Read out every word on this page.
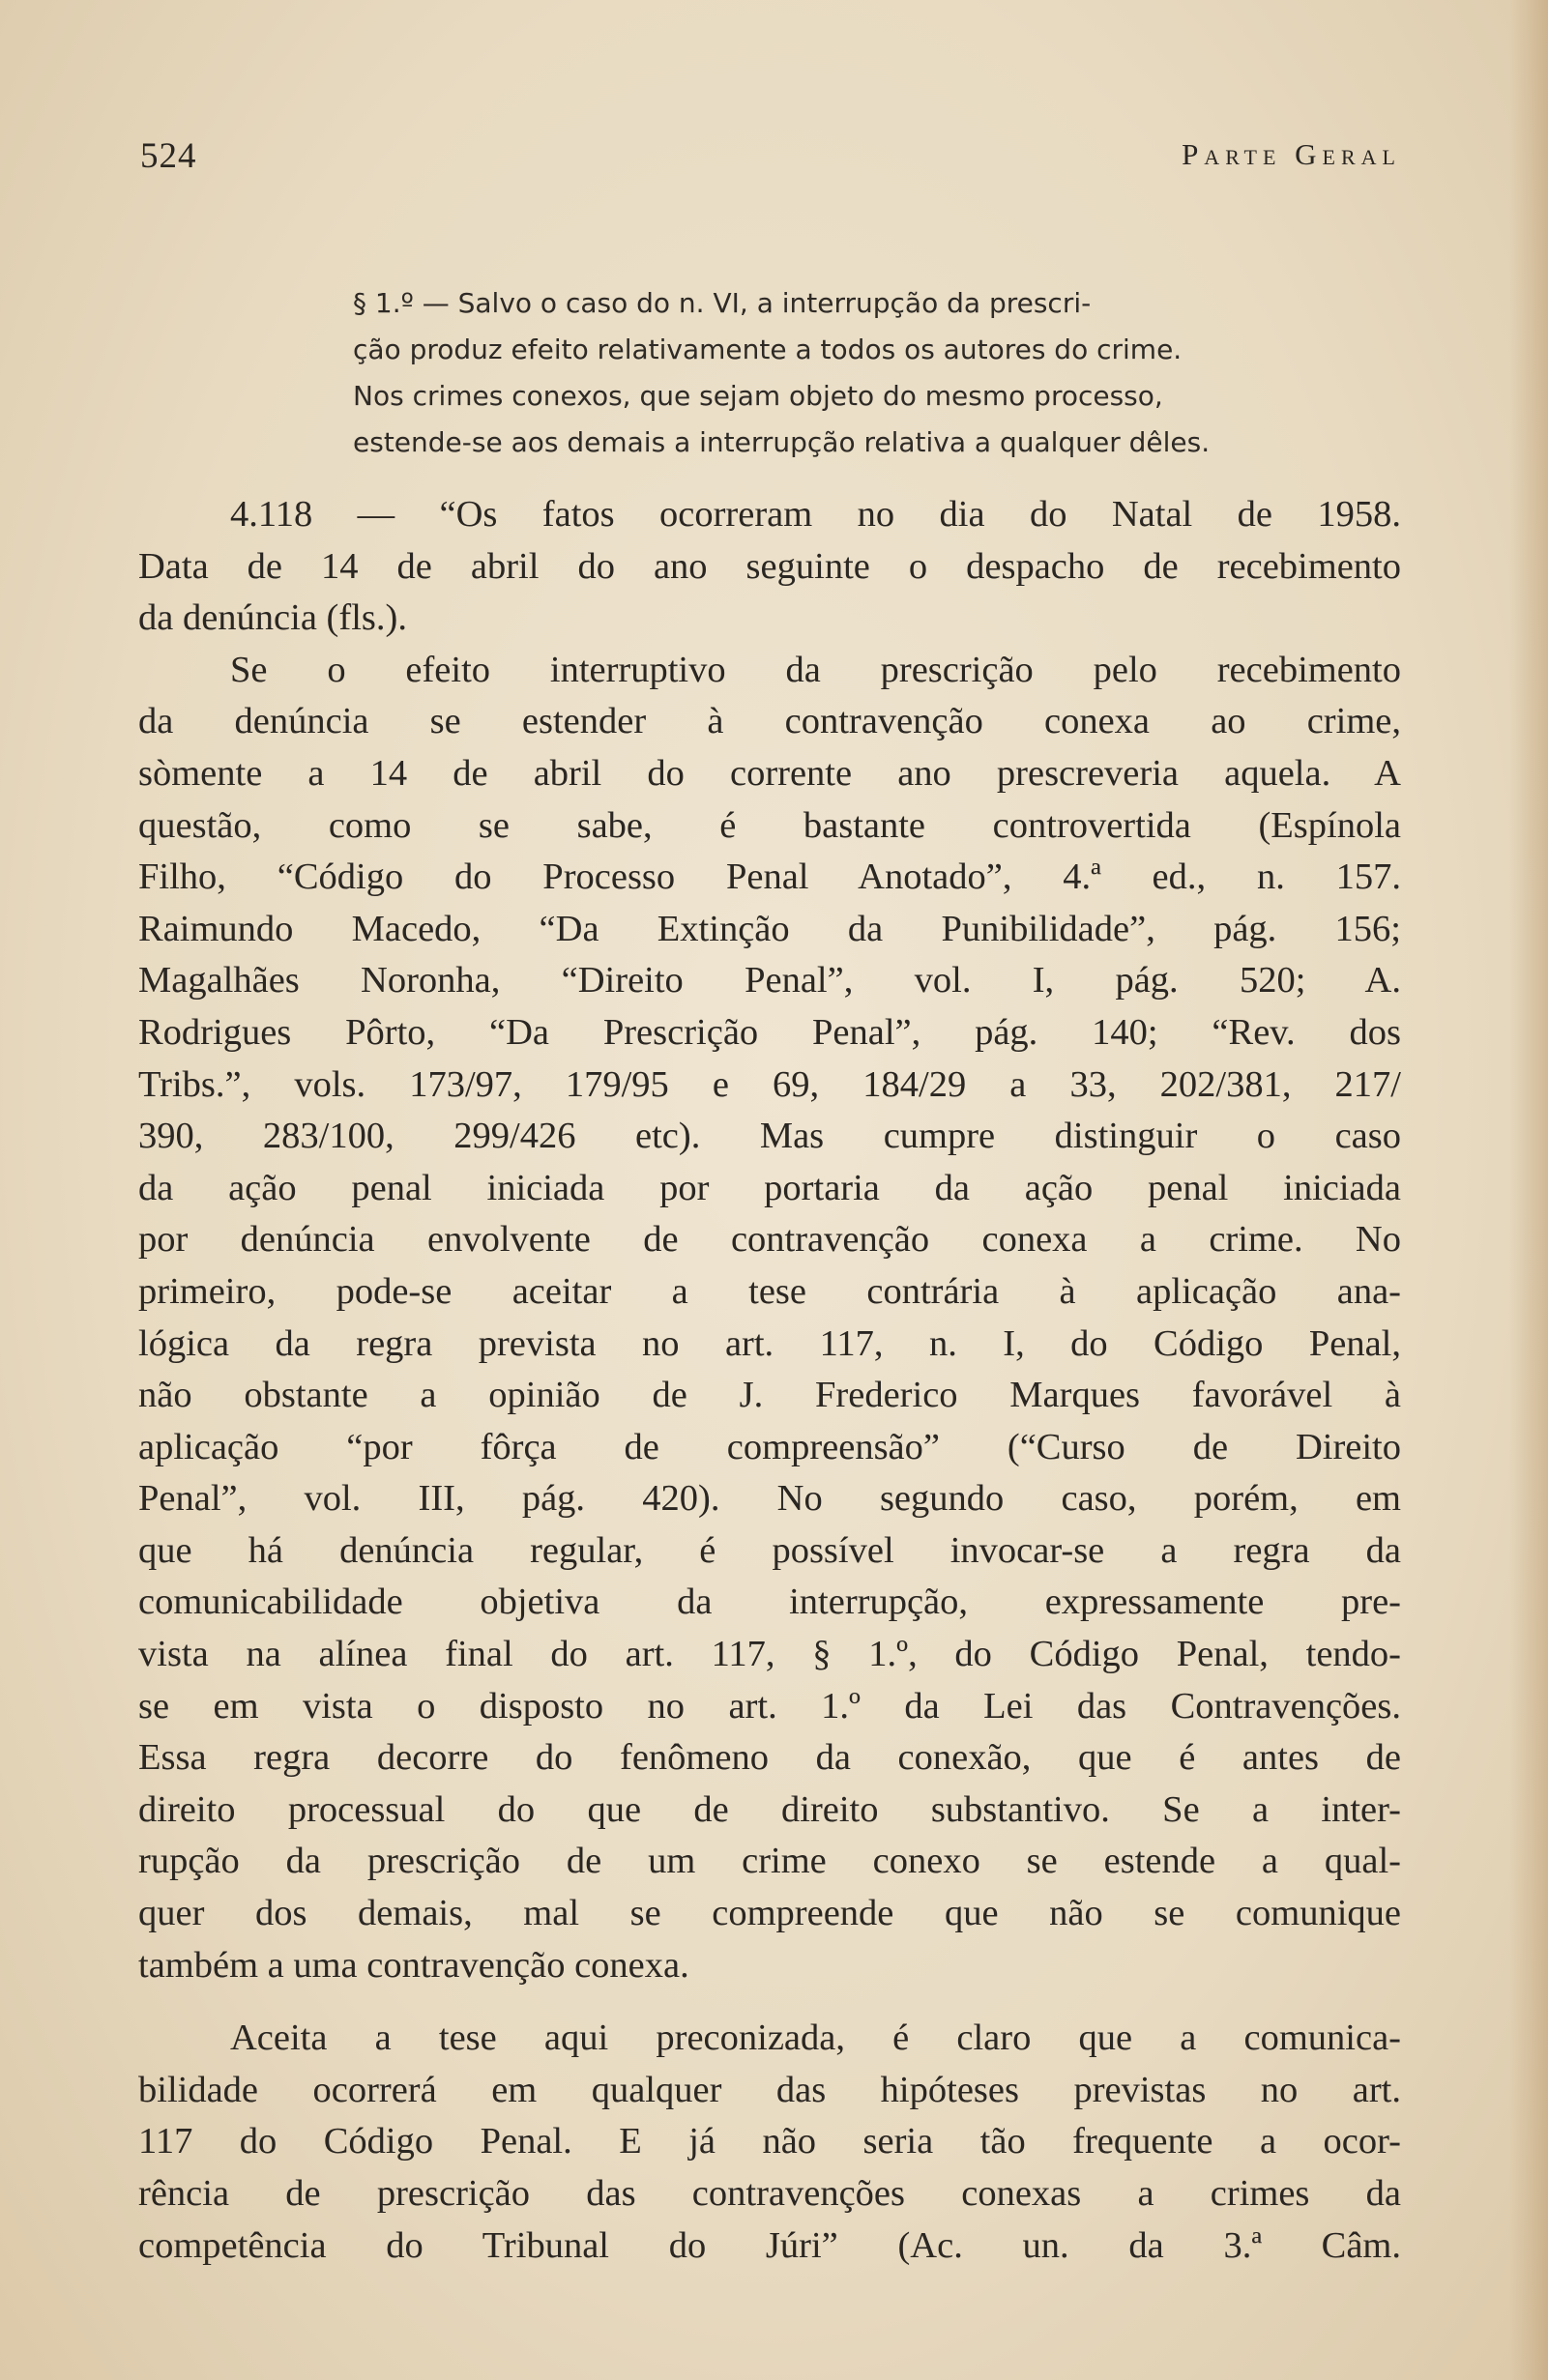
524	Parte Geral
§ 1.º — Salvo o caso do n. VI, a interrupção da prescri-
ção produz efeito relativamente a todos os autores do crime.
Nos crimes conexos, que sejam objeto do mesmo processo,
estende-se aos demais a interrupção relativa a qualquer dêles.
4.118 — “Os fatos ocorreram no dia do Natal de 1958.
Data de 14 de abril do ano seguinte o despacho de recebimento
da denúncia (fls.).
Se o efeito interruptivo da prescrição pelo recebimento
da denúncia se estender à contravenção conexa ao crime,
sòmente a 14 de abril do corrente ano prescreveria aquela. A
questão, como se sabe, é bastante controvertida (Espínola
Filho, “Código do Processo Penal Anotado”, 4.ª ed., n. 157.
Raimundo Macedo, “Da Extinção da Punibilidade”, pág. 156;
Magalhães Noronha, “Direito Penal”, vol. I, pág. 520; A.
Rodrigues Pôrto, “Da Prescrição Penal”, pág. 140; “Rev. dos
Tribs.”, vols. 173/97, 179/95 e 69, 184/29 a 33, 202/381, 217/
390, 283/100, 299/426 etc). Mas cumpre distinguir o caso
da ação penal iniciada por portaria da ação penal iniciada
por denúncia envolvente de contravenção conexa a crime. No
primeiro, pode-se aceitar a tese contrária à aplicação ana-
lógica da regra prevista no art. 117, n. I, do Código Penal,
não obstante a opinião de J. Frederico Marques favorável à
aplicação “por fôrça de compreensão” (“Curso de Direito
Penal”, vol. III, pág. 420). No segundo caso, porém, em
que há denúncia regular, é possível invocar-se a regra da
comunicabilidade objetiva da interrupção, expressamente pre-
vista na alínea final do art. 117, § 1.º, do Código Penal, tendo-
se em vista o disposto no art. 1.º da Lei das Contravenções.
Essa regra decorre do fenômeno da conexão, que é antes de
direito processual do que de direito substantivo. Se a inter-
rupção da prescrição de um crime conexo se estende a qual-
quer dos demais, mal se compreende que não se comunique
também a uma contravenção conexa.
Aceita a tese aqui preconizada, é claro que a comunica-
bilidade ocorrerá em qualquer das hipóteses previstas no art.
117 do Código Penal. E já não seria tão frequente a ocor-
rência de prescrição das contravenções conexas a crimes da
competência do Tribunal do Júri” (Ac. un. da 3.ª Câm.
